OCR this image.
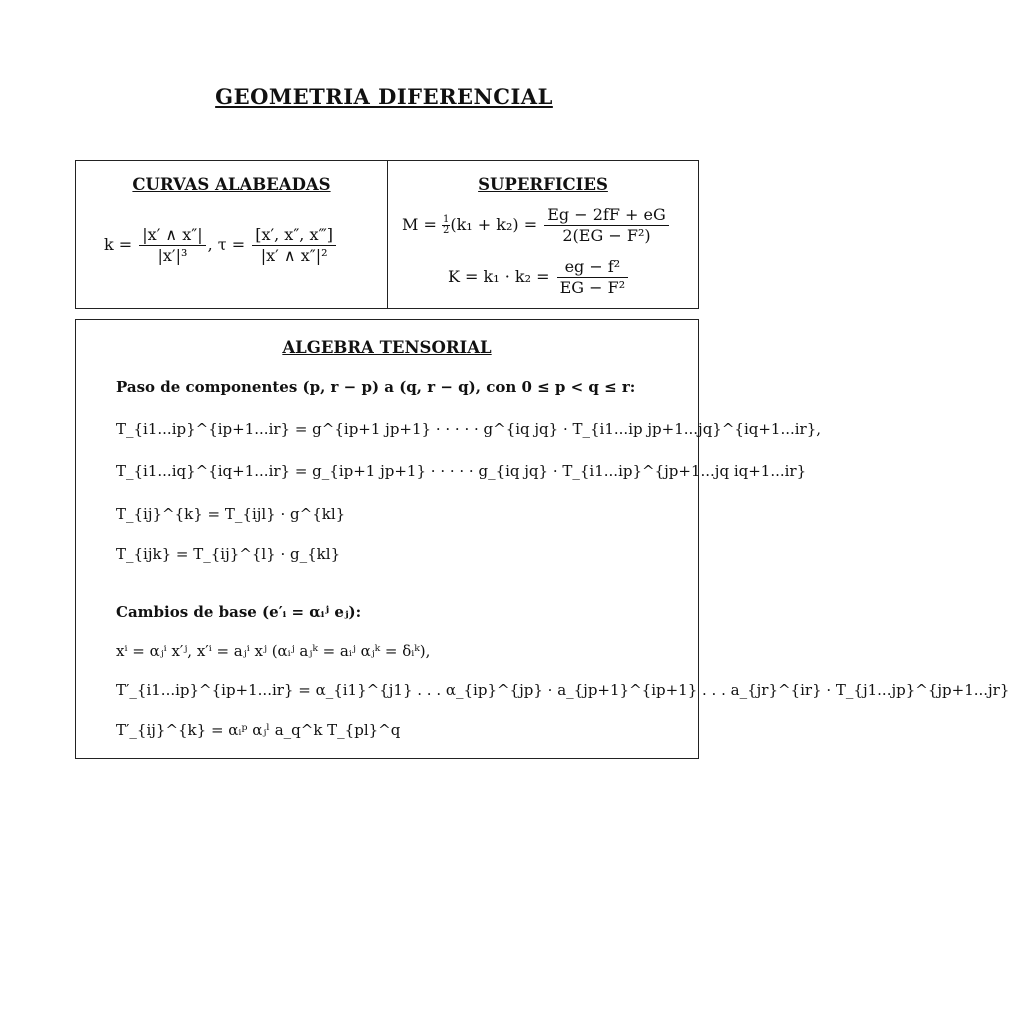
GEOMETRIA DIFERENCIAL
CURVAS ALABEADAS
$k = \frac{|x' \wedge x''|}{\text{|x′|³}}$ , $\tau = \frac{[x', x'', x‴]}{\text{|x′ ∧ x″|²}}$
SUPERFICIES
$M = \frac{1}{2}(k_1 + k_2) = \frac{Eg - 2fF + eG}{\text{2(EG − F²)}}$
$K = k_1 \cdot k_2 = \frac{\text{eg − f²}}{\text{EG − F²}}$
ALGEBRA TENSORIAL
Paso de componentes (p, r − p) a (q, r − q), con 0 ≤ p < q ≤ r:
T_{i1...ip}^{ip+1...ir} = g^{ip+1 jp+1} · · · · · g^{iq jq} · T_{i1...ip jp+1...jq}^{iq+1...ir},
T_{i1...iq}^{iq+1...ir} = g_{ip+1 jp+1} · · · · · g_{iq jq} · T_{i1...ip}^{jp+1...jq iq+1...ir}
T_{ij}^{k} = T_{ijl} · g^{kl}
T_{ijk} = T_{ij}^{l} · g_{kl}
Cambios de base (e′ᵢ = αᵢʲ eⱼ):
xⁱ = αⱼⁱ x′ʲ, x′ⁱ = aⱼⁱ xʲ (αᵢʲ aⱼᵏ = aᵢʲ αⱼᵏ = δᵢᵏ),
T′_{i1...ip}^{ip+1...ir} = α_{i1}^{j1} . . . α_{ip}^{jp} · a_{jp+1}^{ip+1} . . . a_{jr}^{ir} · T_{j1...jp}^{jp+1...jr}
T′_{ij}^{k} = αᵢᵖ αⱼˡ a_q^k T_{pl}^q
